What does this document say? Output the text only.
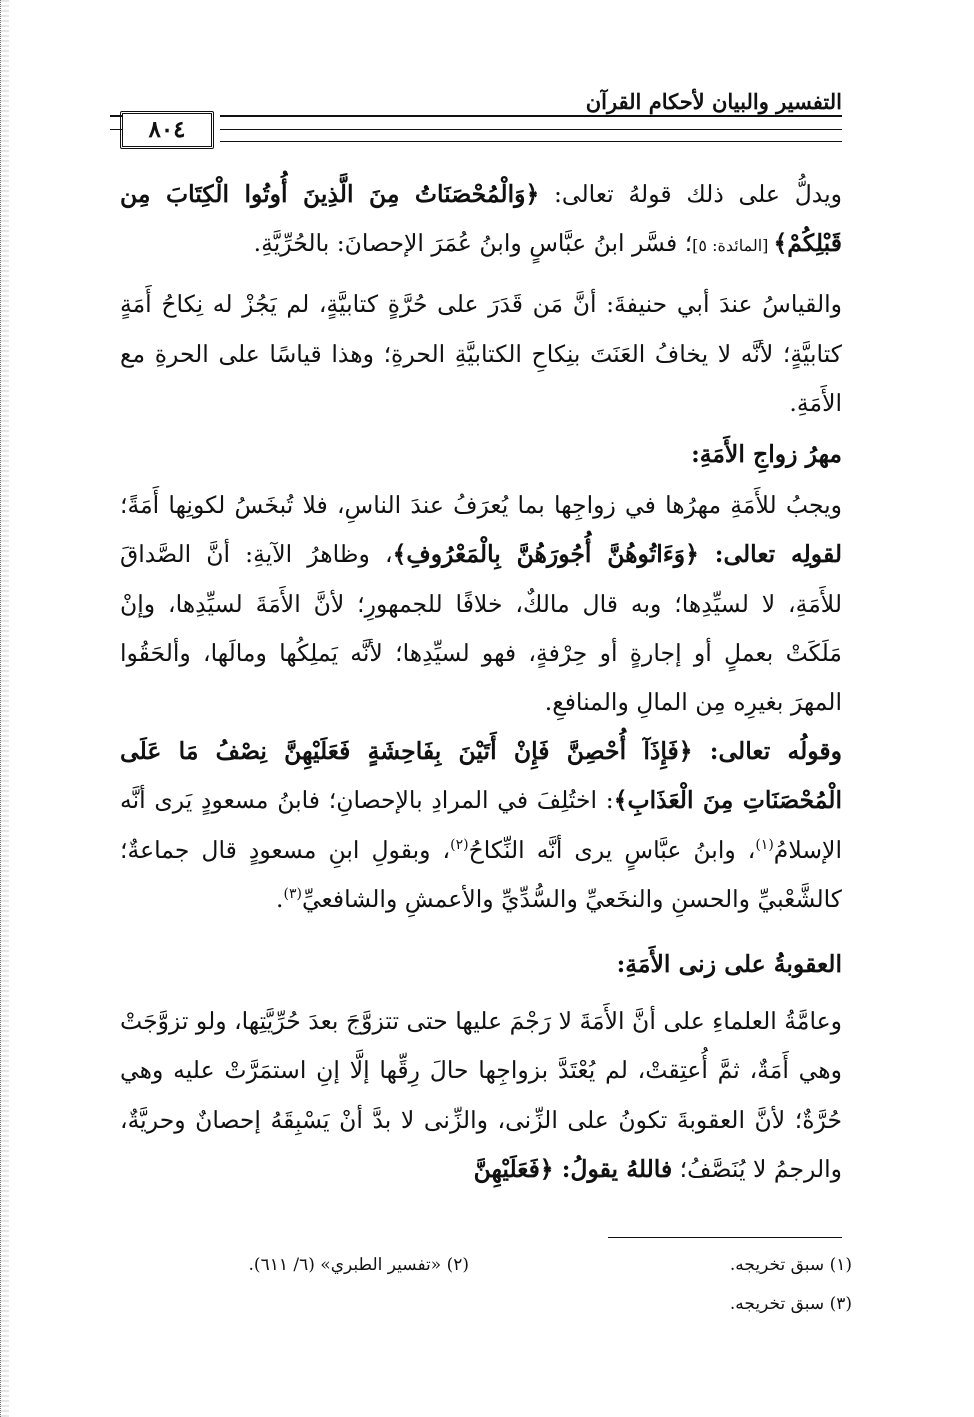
التفسير والبيان لأحكام القرآن
٨٠٤

ويدلُّ على ذلك قولهُ تعالى: ﴿وَالْمُحْصَنَاتُ مِنَ الَّذِينَ أُوتُوا الْكِتَابَ مِن قَبْلِكُمْ﴾ [المائدة: ٥]؛ فسَّر ابنُ عبَّاسٍ وابنُ عُمَرَ الإحصانَ: بالحُرِّيَّةِ.

والقياسُ عندَ أبي حنيفةَ: أنَّ مَن قَدَرَ على حُرَّةٍ كتابيَّةٍ، لم يَجُزْ له نِكاحُ أَمَةٍ كتابيَّةٍ؛ لأنَّه لا يخافُ العَنَتَ بنِكاحِ الكتابيَّةِ الحرةِ؛ وهذا قياسًا على الحرةِ مع الأَمَةِ.

مهرُ زواجِ الأَمَةِ:

ويجبُ للأَمَةِ مهرُها في زواجِها بما يُعرَفُ عندَ الناسِ، فلا تُبخَسُ لكونِها أَمَةً؛ لقولِه تعالى: ﴿وَءَاتُوهُنَّ أُجُورَهُنَّ بِالْمَعْرُوفِ﴾، وظاهرُ الآيةِ: أنَّ الصَّداقَ للأَمَةِ، لا لسيِّدِها؛ وبه قال مالكٌ، خلافًا للجمهورِ؛ لأنَّ الأَمَةَ لسيِّدِها، وإنْ مَلَكَتْ بعملٍ أو إجارةٍ أو حِرْفةٍ، فهو لسيِّدِها؛ لأنَّه يَملِكُها ومالَها، وألحَقُوا المهرَ بغيرِه مِن المالِ والمنافعِ.

وقولُه تعالى: ﴿فَإِذَآ أُحْصِنَّ فَإِنْ أَتَيْنَ بِفَاحِشَةٍ فَعَلَيْهِنَّ نِصْفُ مَا عَلَى الْمُحْصَنَاتِ مِنَ الْعَذَابِ﴾: اختُلِفَ في المرادِ بالإحصانِ؛ فابنُ مسعودٍ يَرى أنَّه الإسلامُ$^{(١)}$، وابنُ عبَّاسٍ يرى أنَّه النِّكاحُ$^{(٢)}$، وبقولِ ابنِ مسعودٍ قال جماعةٌ؛ كالشَّعْبيِّ والحسنِ والنخَعيِّ والسُّدِّيِّ والأعمشِ والشافعيِّ$^{(٣)}$.

العقوبةُ على زنى الأَمَةِ:

وعامَّةُ العلماءِ على أنَّ الأَمَةَ لا رَجْمَ عليها حتى تتزوَّجَ بعدَ حُرِّيَّتِها، ولو تزوَّجَتْ وهي أَمَةٌ، ثمَّ أُعتِقتْ، لم يُعْتَدَّ بزواجِها حالَ رِقِّها إلَّا إنِ استمَرَّتْ عليه وهي حُرَّةٌ؛ لأنَّ العقوبةَ تكونُ على الزِّنى، والزِّنى لا بدَّ أنْ يَسْبِقَهُ إحصانٌ وحريَّةٌ، والرجمُ لا يُنَصَّفُ؛ فاللهُ يقولُ: ﴿فَعَلَيْهِنَّ

(١) سبق تخريجه.
(٢) «تفسير الطبري» (٦/ ٦١١).
(٣) سبق تخريجه.
